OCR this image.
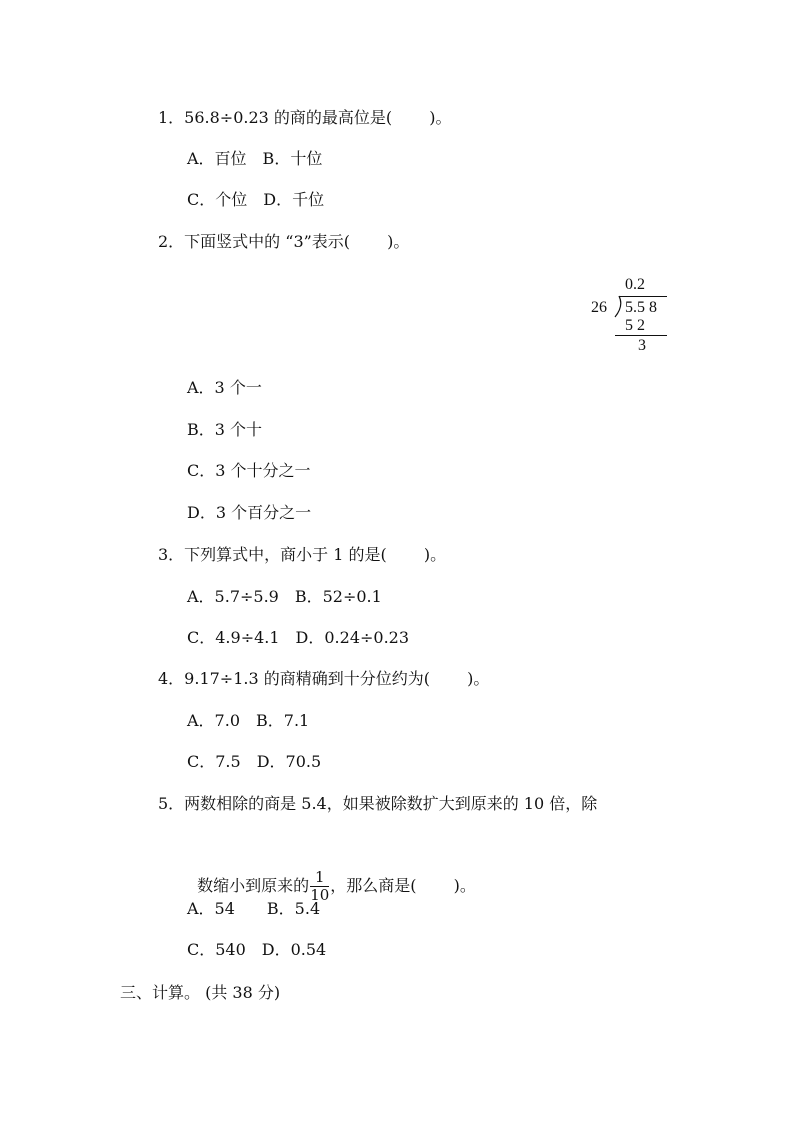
1．56.8÷0.23 的商的最高位是(　　 )。
A．百位　B．十位
C．个位　D．千位
2．下面竖式中的 “3”表示(　　 )。
0.2
26 5.5 8
5 2
3
A．3 个一
B．3 个十
C．3 个十分之一
D．3 个百分之一
3．下列算式中，商小于 1 的是(　　 )。
A．5.7÷5.9　B．52÷0.1
C．4.9÷4.1　D．0.24÷0.23
4．9.17÷1.3 的商精确到十分位约为(　　 )。
A．7.0　B．7.1
C．7.5　D．70.5
5．两数相除的商是 5.4，如果被除数扩大到原来的 10 倍，除

数缩小到原来的 $\frac{1}{10}$ ，那么商是(　　 )。

A．54　　B．5.4
C．540　D．0.54
三、计算。 (共 38 分)
